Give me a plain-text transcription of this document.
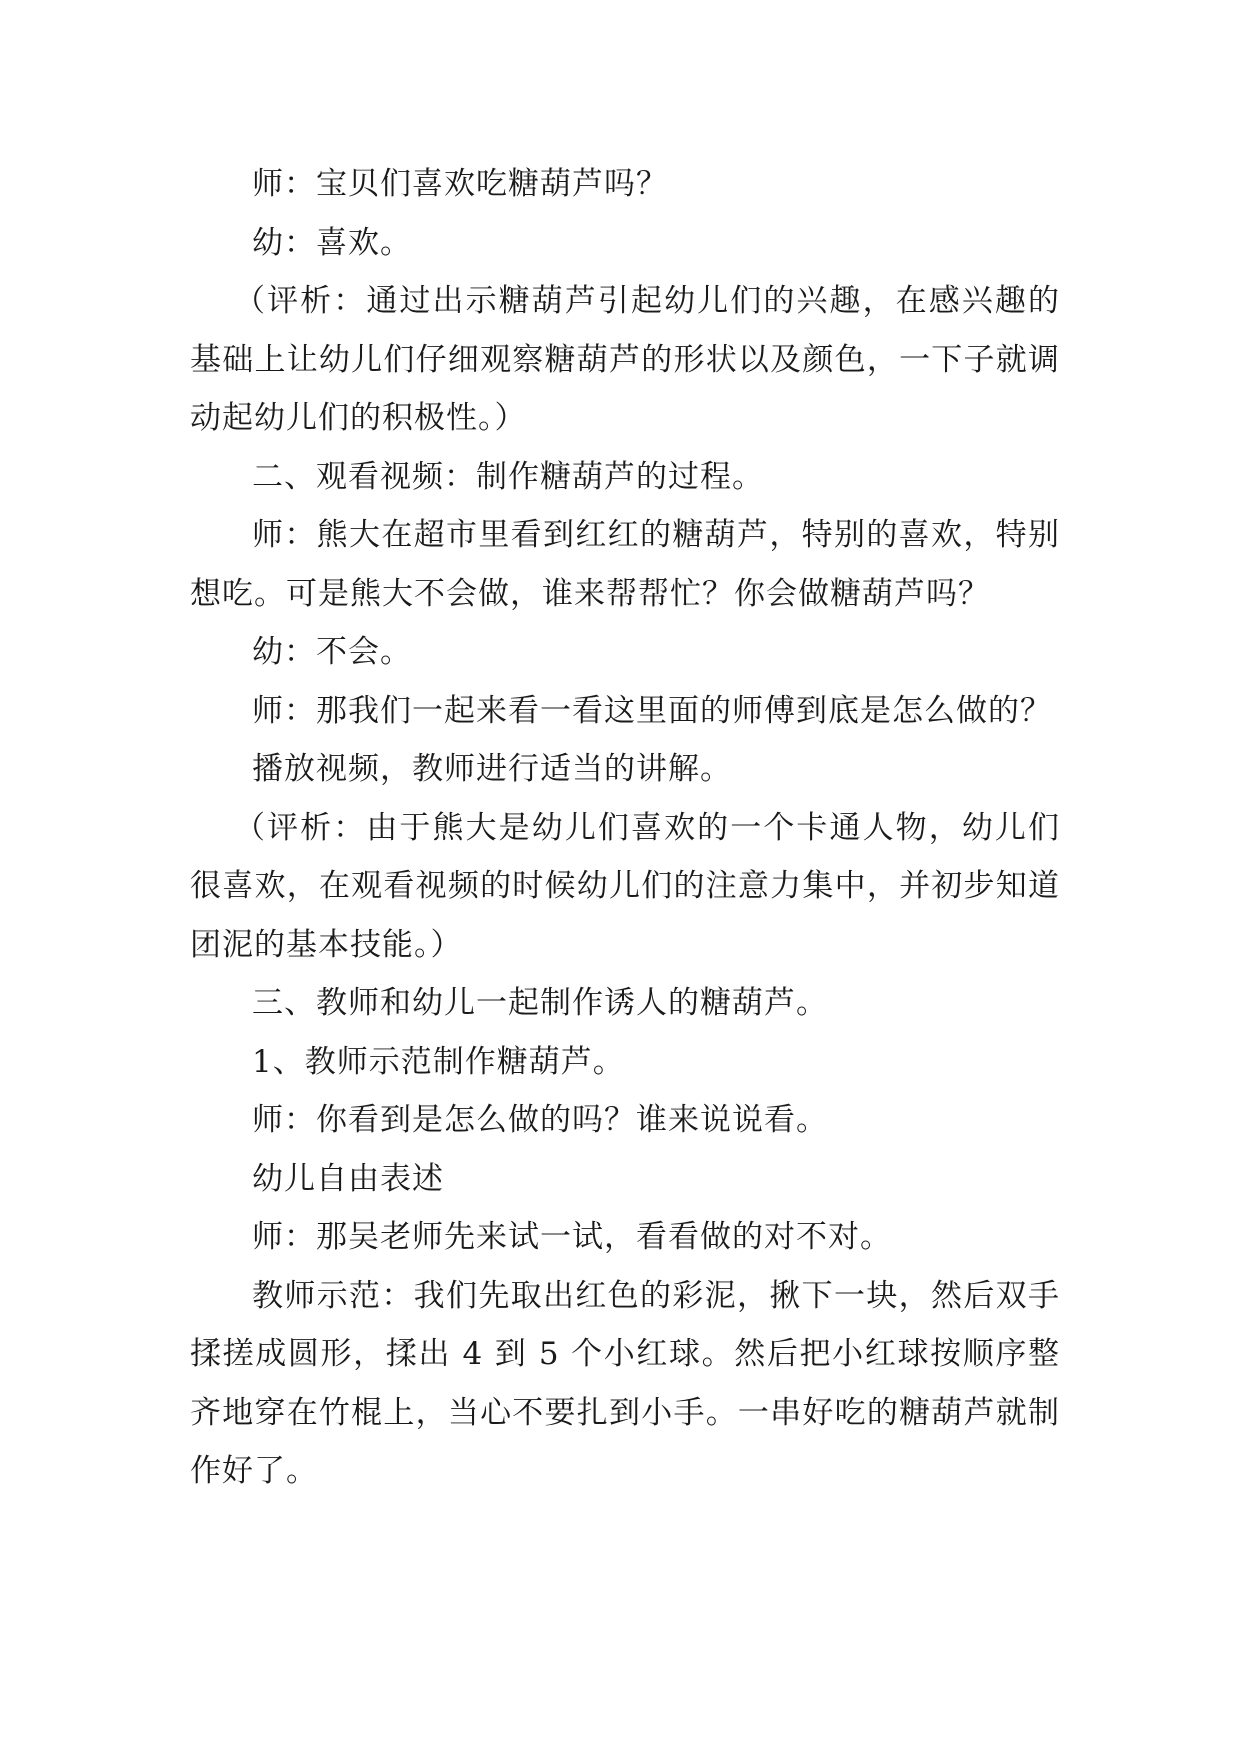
师：宝贝们喜欢吃糖葫芦吗？

幼：喜欢。

（评析：通过出示糖葫芦引起幼儿们的兴趣，在感兴趣的基础上让幼儿们仔细观察糖葫芦的形状以及颜色，一下子就调动起幼儿们的积极性。）

二、观看视频：制作糖葫芦的过程。

师：熊大在超市里看到红红的糖葫芦，特别的喜欢，特别想吃。可是熊大不会做，谁来帮帮忙？你会做糖葫芦吗？

幼：不会。

师：那我们一起来看一看这里面的师傅到底是怎么做的？

播放视频，教师进行适当的讲解。

（评析：由于熊大是幼儿们喜欢的一个卡通人物，幼儿们很喜欢，在观看视频的时候幼儿们的注意力集中，并初步知道团泥的基本技能。）

三、教师和幼儿一起制作诱人的糖葫芦。

1、教师示范制作糖葫芦。

师：你看到是怎么做的吗？谁来说说看。

幼儿自由表述

师：那吴老师先来试一试，看看做的对不对。

教师示范：我们先取出红色的彩泥，揪下一块，然后双手揉搓成圆形，揉出 4 到 5 个小红球。然后把小红球按顺序整齐地穿在竹棍上，当心不要扎到小手。一串好吃的糖葫芦就制作好了。
